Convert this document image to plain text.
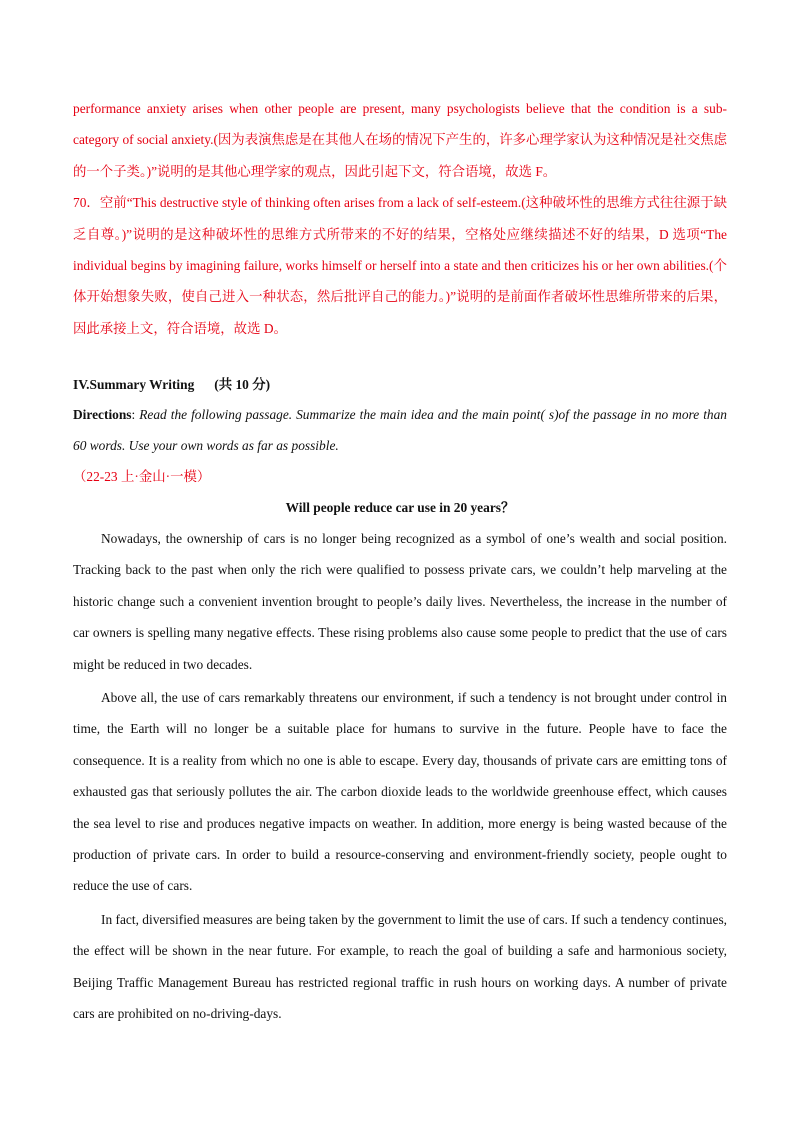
performance anxiety arises when other people are present, many psychologists believe that the condition is a sub-category of social anxiety.(因为表演焦虑是在其他人在场的情况下产生的，许多心理学家认为这种情况是社交焦虑的一个子类。)”说明的是其他心理学家的观点，因此引起下文，符合语境，故选 F。

70．空前“This destructive style of thinking often arises from a lack of self-esteem.(这种破坏性的思维方式往往源于缺乏自尊。)”说明的是这种破坏性的思维方式所带来的不好的结果，空格处应继续描述不好的结果，D 选项“The individual begins by imagining failure, works himself or herself into a state and then criticizes his or her own abilities.(个体开始想象失败，使自己进入一种状态，然后批评自己的能力。)”说明的是前面作者破坏性思维所带来的后果，因此承接上文，符合语境，故选 D。

IV.Summary Writing (共 10 分)

Directions: Read the following passage. Summarize the main idea and the main point( s)of the passage in no more than 60 words. Use your own words as far as possible.

（22-23 上·金山·一模）

Will people reduce car use in 20 years？

Nowadays, the ownership of cars is no longer being recognized as a symbol of one’s wealth and social position. Tracking back to the past when only the rich were qualified to possess private cars, we couldn’t help marveling at the historic change such a convenient invention brought to people’s daily lives. Nevertheless, the increase in the number of car owners is spelling many negative effects. These rising problems also cause some people to predict that the use of cars might be reduced in two decades.

Above all, the use of cars remarkably threatens our environment, if such a tendency is not brought under control in time, the Earth will no longer be a suitable place for humans to survive in the future. People have to face the consequence. It is a reality from which no one is able to escape. Every day, thousands of private cars are emitting tons of exhausted gas that seriously pollutes the air. The carbon dioxide leads to the worldwide greenhouse effect, which causes the sea level to rise and produces negative impacts on weather. In addition, more energy is being wasted because of the production of private cars. In order to build a resource-conserving and environment-friendly society, people ought to reduce the use of cars.

In fact, diversified measures are being taken by the government to limit the use of cars. If such a tendency continues, the effect will be shown in the near future. For example, to reach the goal of building a safe and harmonious society, Beijing Traffic Management Bureau has restricted regional traffic in rush hours on working days. A number of private cars are prohibited on no-driving-days.
